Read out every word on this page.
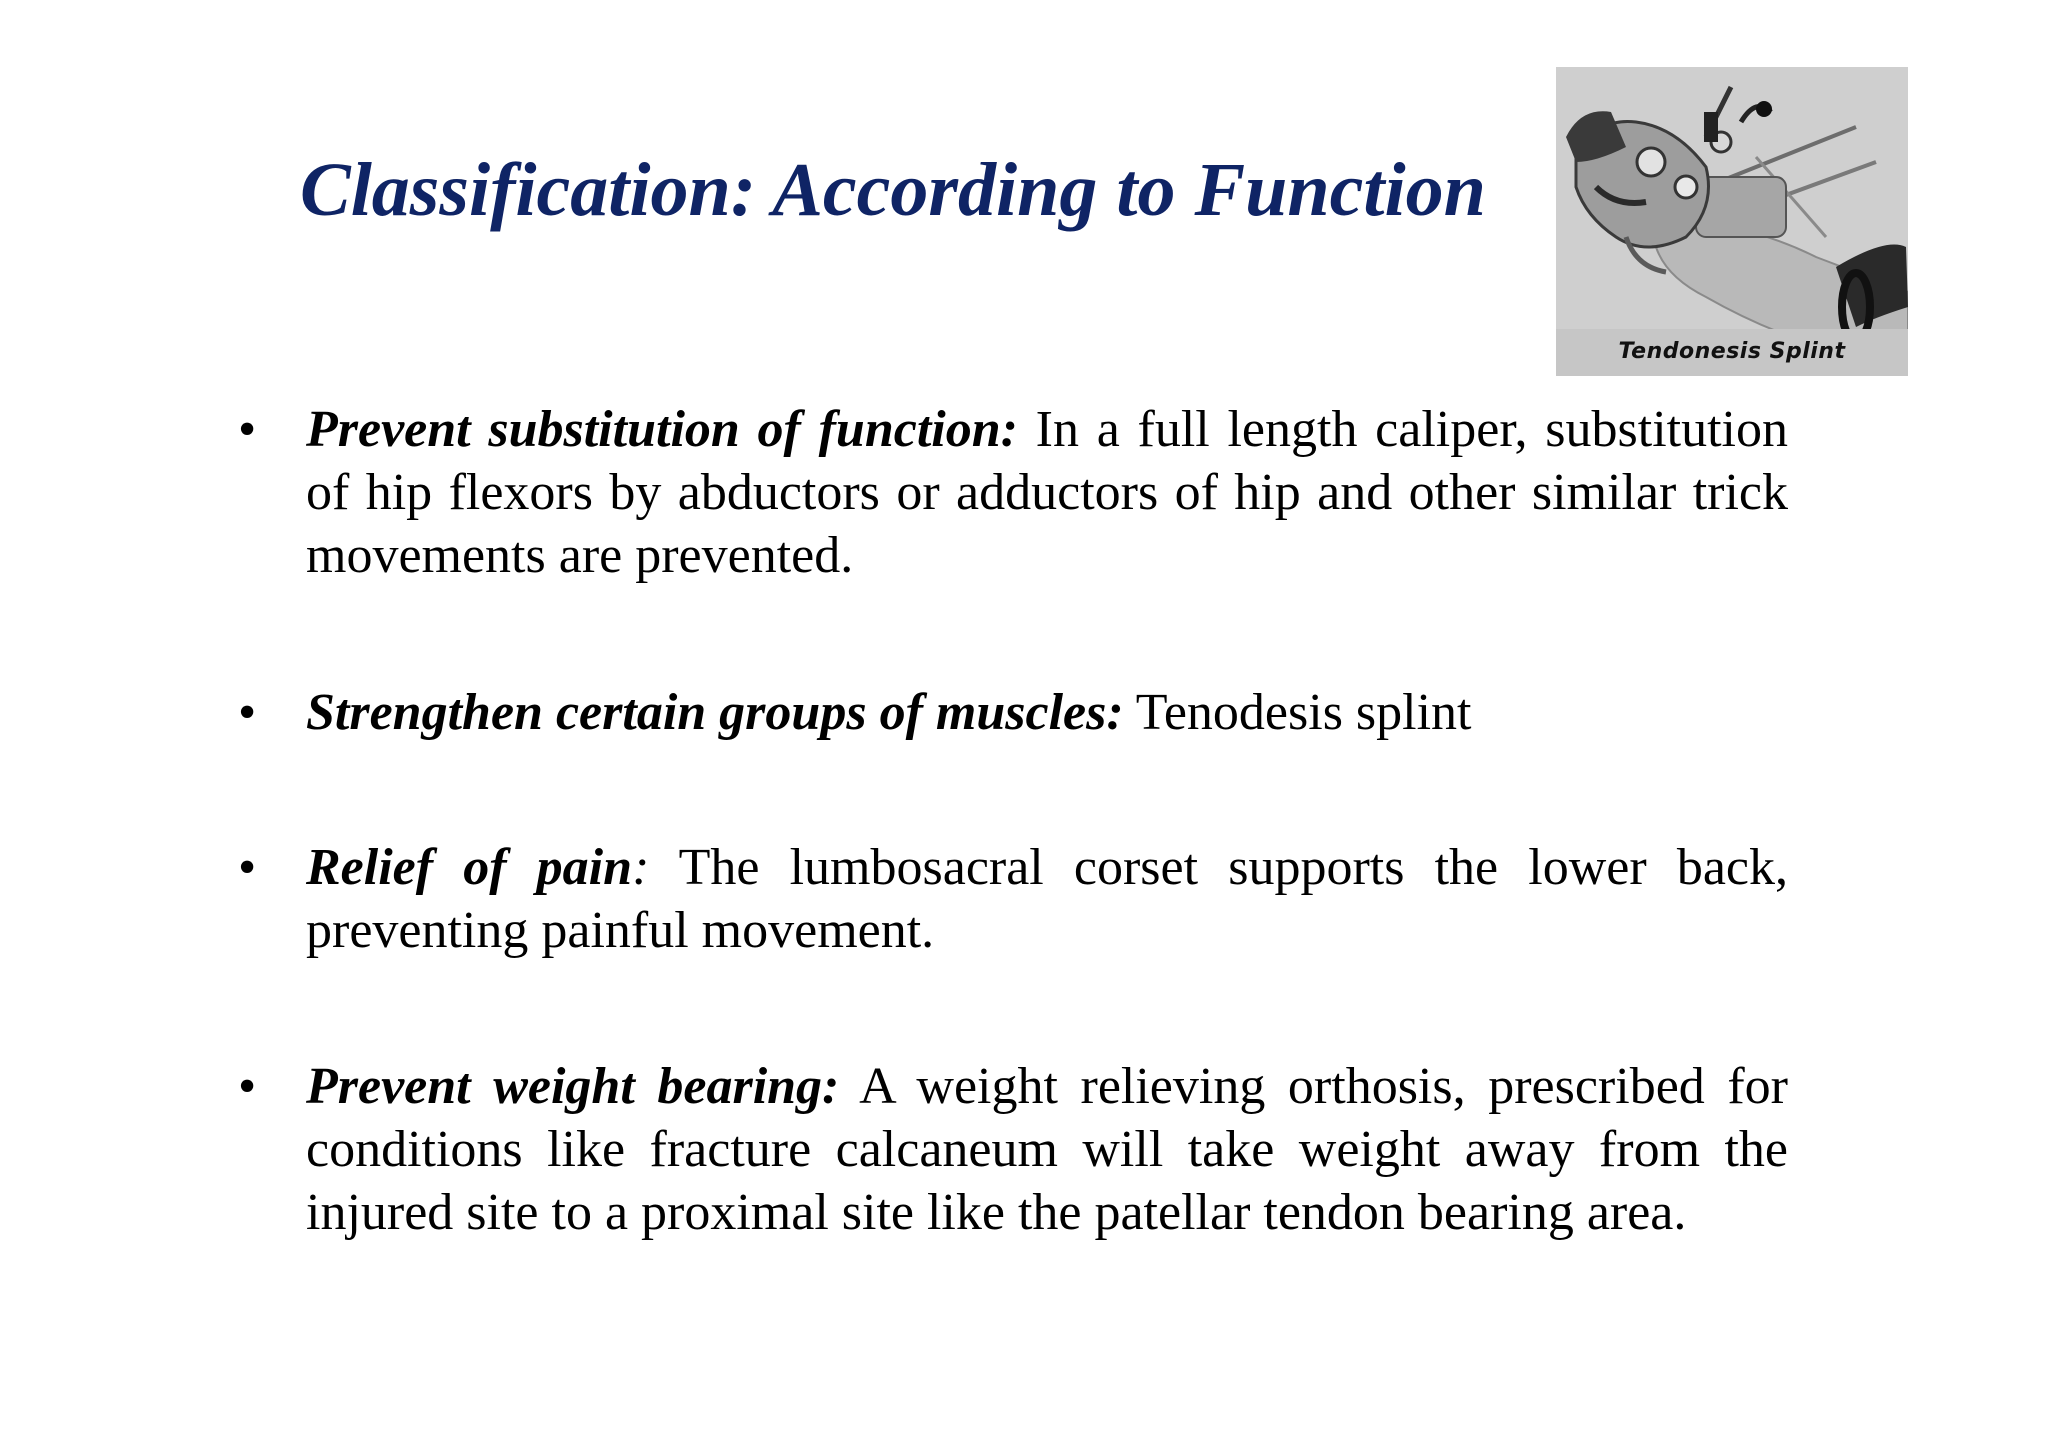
Classification: According to Function
Tendonesis Splint
• Prevent substitution of function: In a full length caliper, substitution of hip flexors by abductors or adductors of hip and other similar trick movements are prevented.
• Strengthen certain groups of muscles: Tenodesis splint
• Relief of pain: The lumbosacral corset supports the lower back, preventing painful movement.
• Prevent weight bearing: A weight relieving orthosis, prescribed for conditions like fracture calcaneum will take weight away from the injured site to a proximal site like the patellar tendon bearing area.
